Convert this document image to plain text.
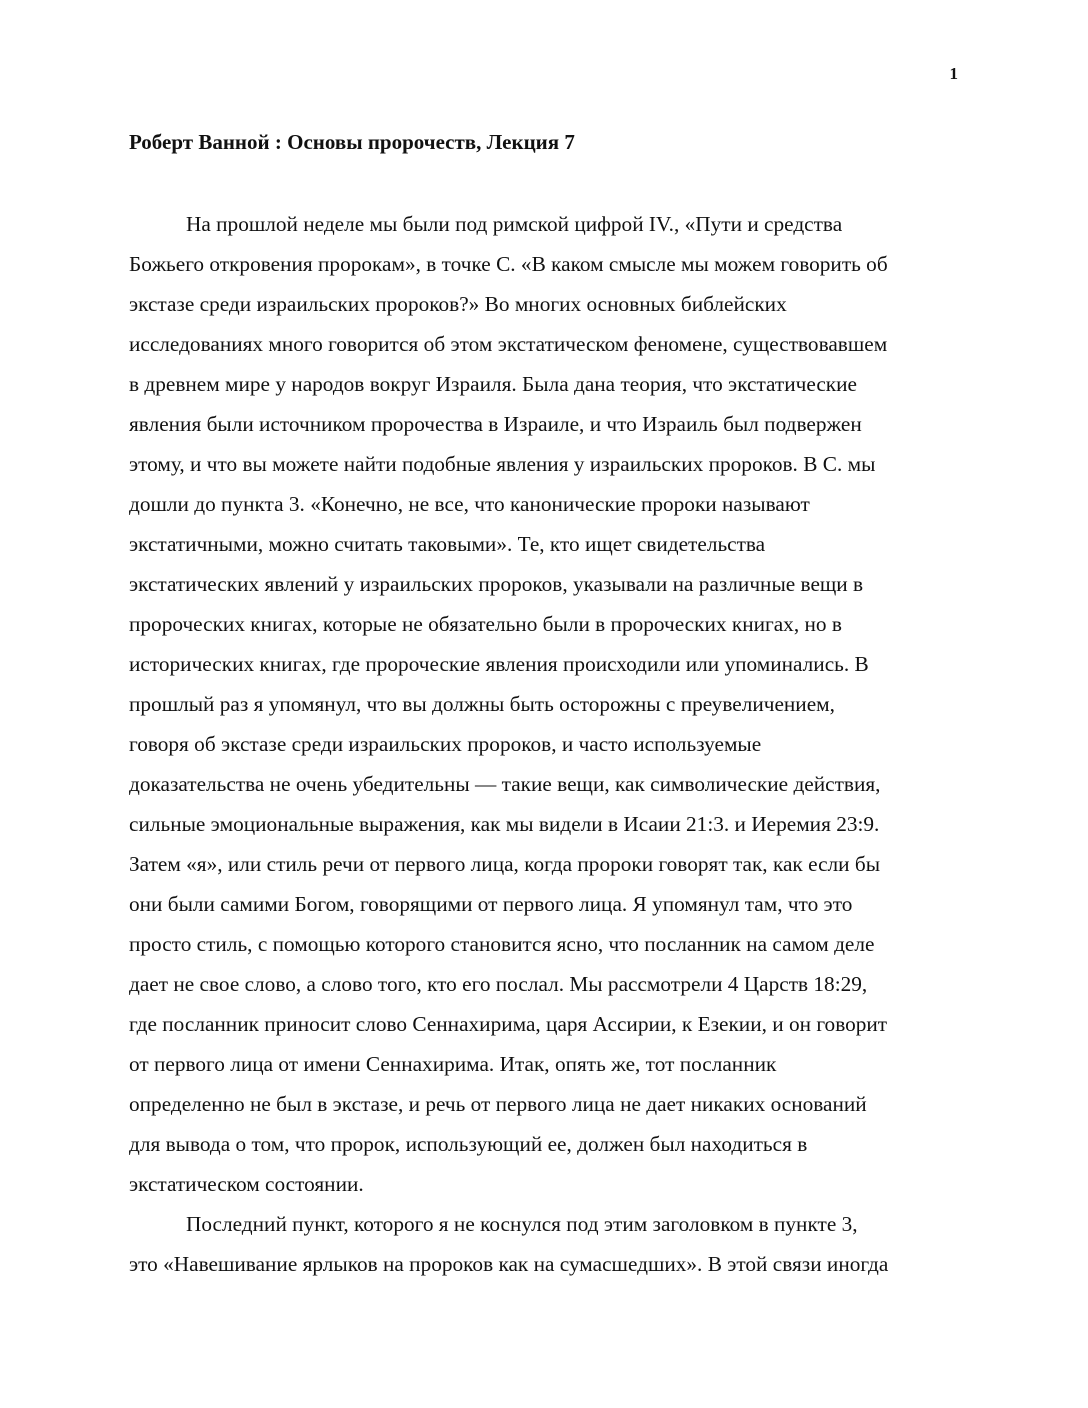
1
Роберт Ванной : Основы пророчеств, Лекция 7
На прошлой неделе мы были под римской цифрой IV., «Пути и средства
Божьего откровения пророкам», в точке C. «В каком смысле мы можем говорить об
экстазе среди израильских пророков?» Во многих основных библейских
исследованиях много говорится об этом экстатическом феномене, существовавшем
в древнем мире у народов вокруг Израиля. Была дана теория, что экстатические
явления были источником пророчества в Израиле, и что Израиль был подвержен
этому, и что вы можете найти подобные явления у израильских пророков. В C. мы
дошли до пункта 3. «Конечно, не все, что канонические пророки называют
экстатичными, можно считать таковыми». Те, кто ищет свидетельства
экстатических явлений у израильских пророков, указывали на различные вещи в
пророческих книгах, которые не обязательно были в пророческих книгах, но в
исторических книгах, где пророческие явления происходили или упоминались. В
прошлый раз я упомянул, что вы должны быть осторожны с преувеличением,
говоря об экстазе среди израильских пророков, и часто используемые
доказательства не очень убедительны — такие вещи, как символические действия,
сильные эмоциональные выражения, как мы видели в Исаии 21:3. и Иеремия 23:9.
Затем «я», или стиль речи от первого лица, когда пророки говорят так, как если бы
они были самими Богом, говорящими от первого лица. Я упомянул там, что это
просто стиль, с помощью которого становится ясно, что посланник на самом деле
дает не свое слово, а слово того, кто его послал. Мы рассмотрели 4 Царств 18:29,
где посланник приносит слово Сеннахирима, царя Ассирии, к Езекии, и он говорит
от первого лица от имени Сеннахирима. Итак, опять же, тот посланник
определенно не был в экстазе, и речь от первого лица не дает никаких оснований
для вывода о том, что пророк, использующий ее, должен был находиться в
экстатическом состоянии.
Последний пункт, которого я не коснулся под этим заголовком в пункте 3,
это «Навешивание ярлыков на пророков как на сумасшедших». В этой связи иногда
